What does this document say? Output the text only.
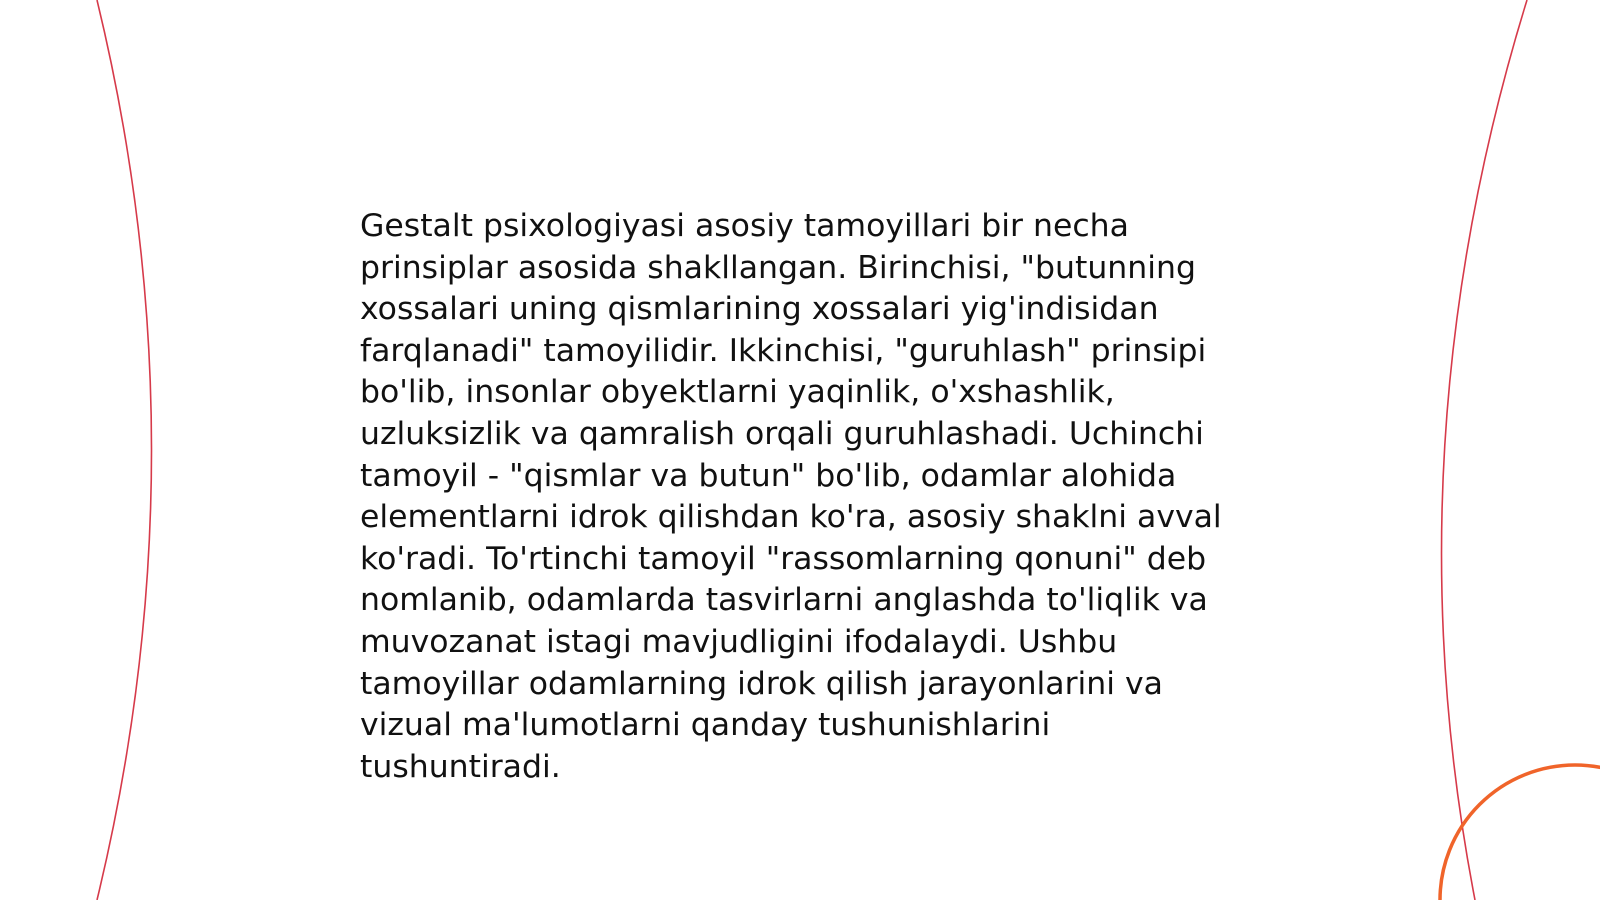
Gestalt psixologiyasi asosiy tamoyillari bir necha prinsiplar asosida shakllangan. Birinchisi, "butunning xossalari uning qismlarining xossalari yig'indisidan farqlanadi" tamoyilidir. Ikkinchisi, "guruhlash" prinsipi bo'lib, insonlar obyektlarni yaqinlik, o'xshashlik, uzluksizlik va qamralish orqali guruhlashadi. Uchinchi tamoyil - "qismlar va butun" bo'lib, odamlar alohida elementlarni idrok qilishdan ko'ra, asosiy shaklni avval ko'radi. To'rtinchi tamoyil "rassomlarning qonuni" deb nomlanib, odamlarda tasvirlarni anglashda to'liqlik va muvozanat istagi mavjudligini ifodalaydi. Ushbu tamoyillar odamlarning idrok qilish jarayonlarini va vizual ma'lumotlarni qanday tushunishlarini tushuntiradi.
